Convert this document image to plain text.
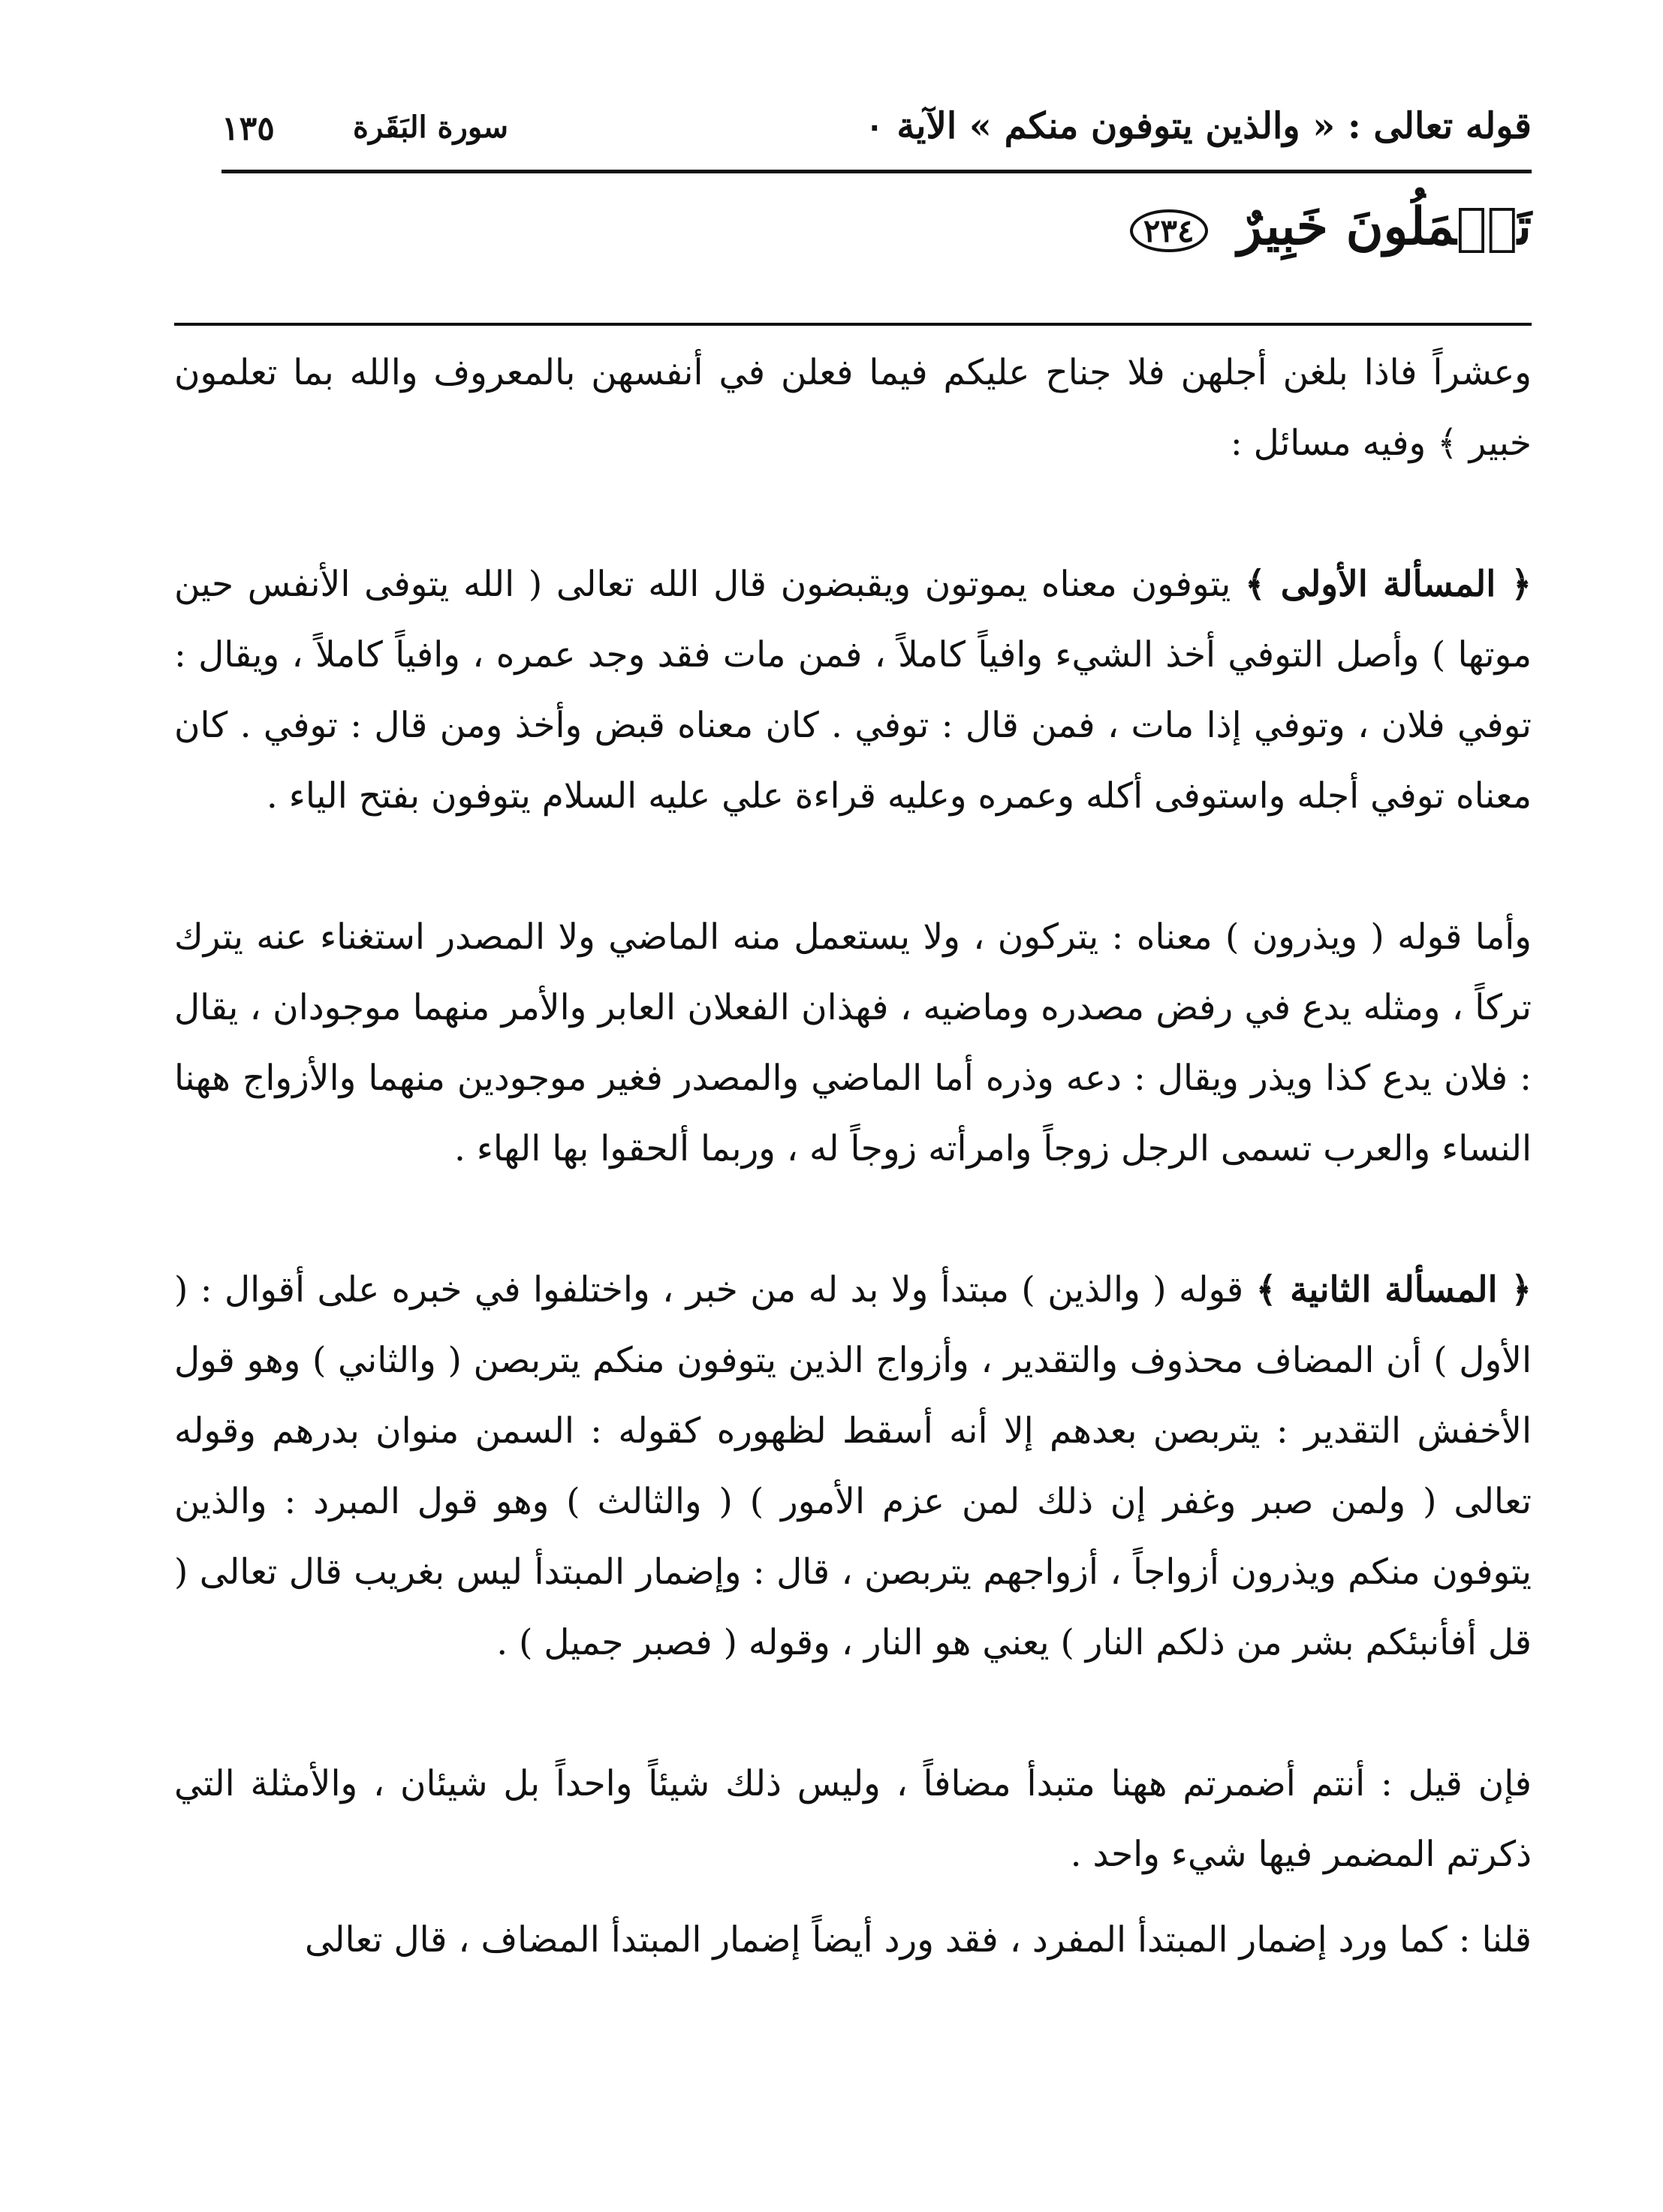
قوله تعالى : « والذين يتوفون منكم » الآية ٠
سورة البَقَرة
١٣٥
تَعۡمَلُونَ خَبِيرٌ ٢٣٤

وعشراً فاذا بلغن أجلهن فلا جناح عليكم فيما فعلن في أنفسهن بالمعروف والله بما تعلمون خبير ﴾ وفيه مسائل :

﴿ المسألة الأولى ﴾ يتوفون معناه يموتون ويقبضون قال الله تعالى ( الله يتوفى الأنفس حين موتها ) وأصل التوفي أخذ الشيء وافياً كاملاً ، فمن مات فقد وجد عمره ، وافياً كاملاً ، ويقال : توفي فلان ، وتوفي إذا مات ، فمن قال : توفي . كان معناه قبض وأخذ ومن قال : توفي . كان معناه توفي أجله واستوفى أكله وعمره وعليه قراءة علي عليه السلام يتوفون بفتح الياء .

وأما قوله ( ويذرون ) معناه : يتركون ، ولا يستعمل منه الماضي ولا المصدر استغناء عنه يترك تركاً ، ومثله يدع في رفض مصدره وماضيه ، فهذان الفعلان العابر والأمر منهما موجودان ، يقال : فلان يدع كذا ويذر ويقال : دعه وذره أما الماضي والمصدر فغير موجودين منهما والأزواج ههنا النساء والعرب تسمى الرجل زوجاً وامرأته زوجاً له ، وربما ألحقوا بها الهاء .

﴿ المسألة الثانية ﴾ قوله ( والذين ) مبتدأ ولا بد له من خبر ، واختلفوا في خبره على أقوال : ( الأول ) أن المضاف محذوف والتقدير ، وأزواج الذين يتوفون منكم يتربصن ( والثاني ) وهو قول الأخفش التقدير : يتربصن بعدهم إلا أنه أسقط لظهوره كقوله : السمن منوان بدرهم وقوله تعالى ( ولمن صبر وغفر إن ذلك لمن عزم الأمور ) ( والثالث ) وهو قول المبرد : والذين يتوفون منكم ويذرون أزواجاً ، أزواجهم يتربصن ، قال : وإضمار المبتدأ ليس بغريب قال تعالى ( قل أفأنبئكم بشر من ذلكم النار ) يعني هو النار ، وقوله ( فصبر جميل ) .

فإن قيل : أنتم أضمرتم ههنا متبدأ مضافاً ، وليس ذلك شيئاً واحداً بل شيئان ، والأمثلة التي ذكرتم المضمر فيها شيء واحد .

قلنا : كما ورد إضمار المبتدأ المفرد ، فقد ورد أيضاً إضمار المبتدأ المضاف ، قال تعالى
